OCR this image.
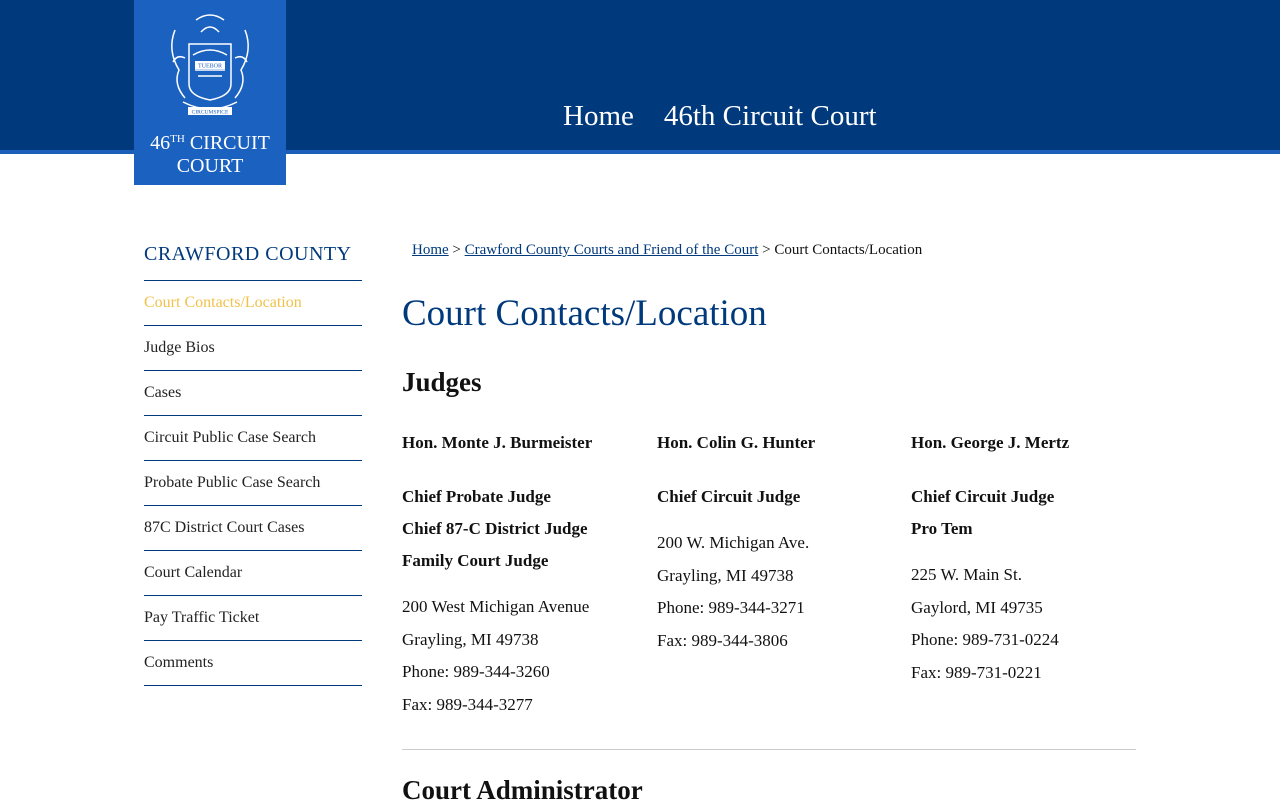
TUEBOR
CIRCUMSPICE
46TH CIRCUIT
COURT
Home 46th Circuit Court
CRAWFORD COUNTY
Court Contacts/Location
Judge Bios
Cases
Circuit Public Case Search
Probate Public Case Search
87C District Court Cases
Court Calendar
Pay Traffic Ticket
Comments
Home > Crawford County Courts and Friend of the Court > Court Contacts/Location
Court Contacts/Location
Judges
Hon. Monte J. Burmeister
Chief Probate Judge
Chief 87-C District Judge
Family Court Judge
200 West Michigan Avenue
Grayling, MI 49738
Phone: 989-344-3260
Fax: 989-344-3277
Hon. Colin G. Hunter
Chief Circuit Judge
200 W. Michigan Ave.
Grayling, MI 49738
Phone: 989-344-3271
Fax: 989-344-3806
Hon. George J. Mertz
Chief Circuit Judge
Pro Tem
225 W. Main St.
Gaylord, MI 49735
Phone: 989-731-0224
Fax: 989-731-0221
Court Administrator
